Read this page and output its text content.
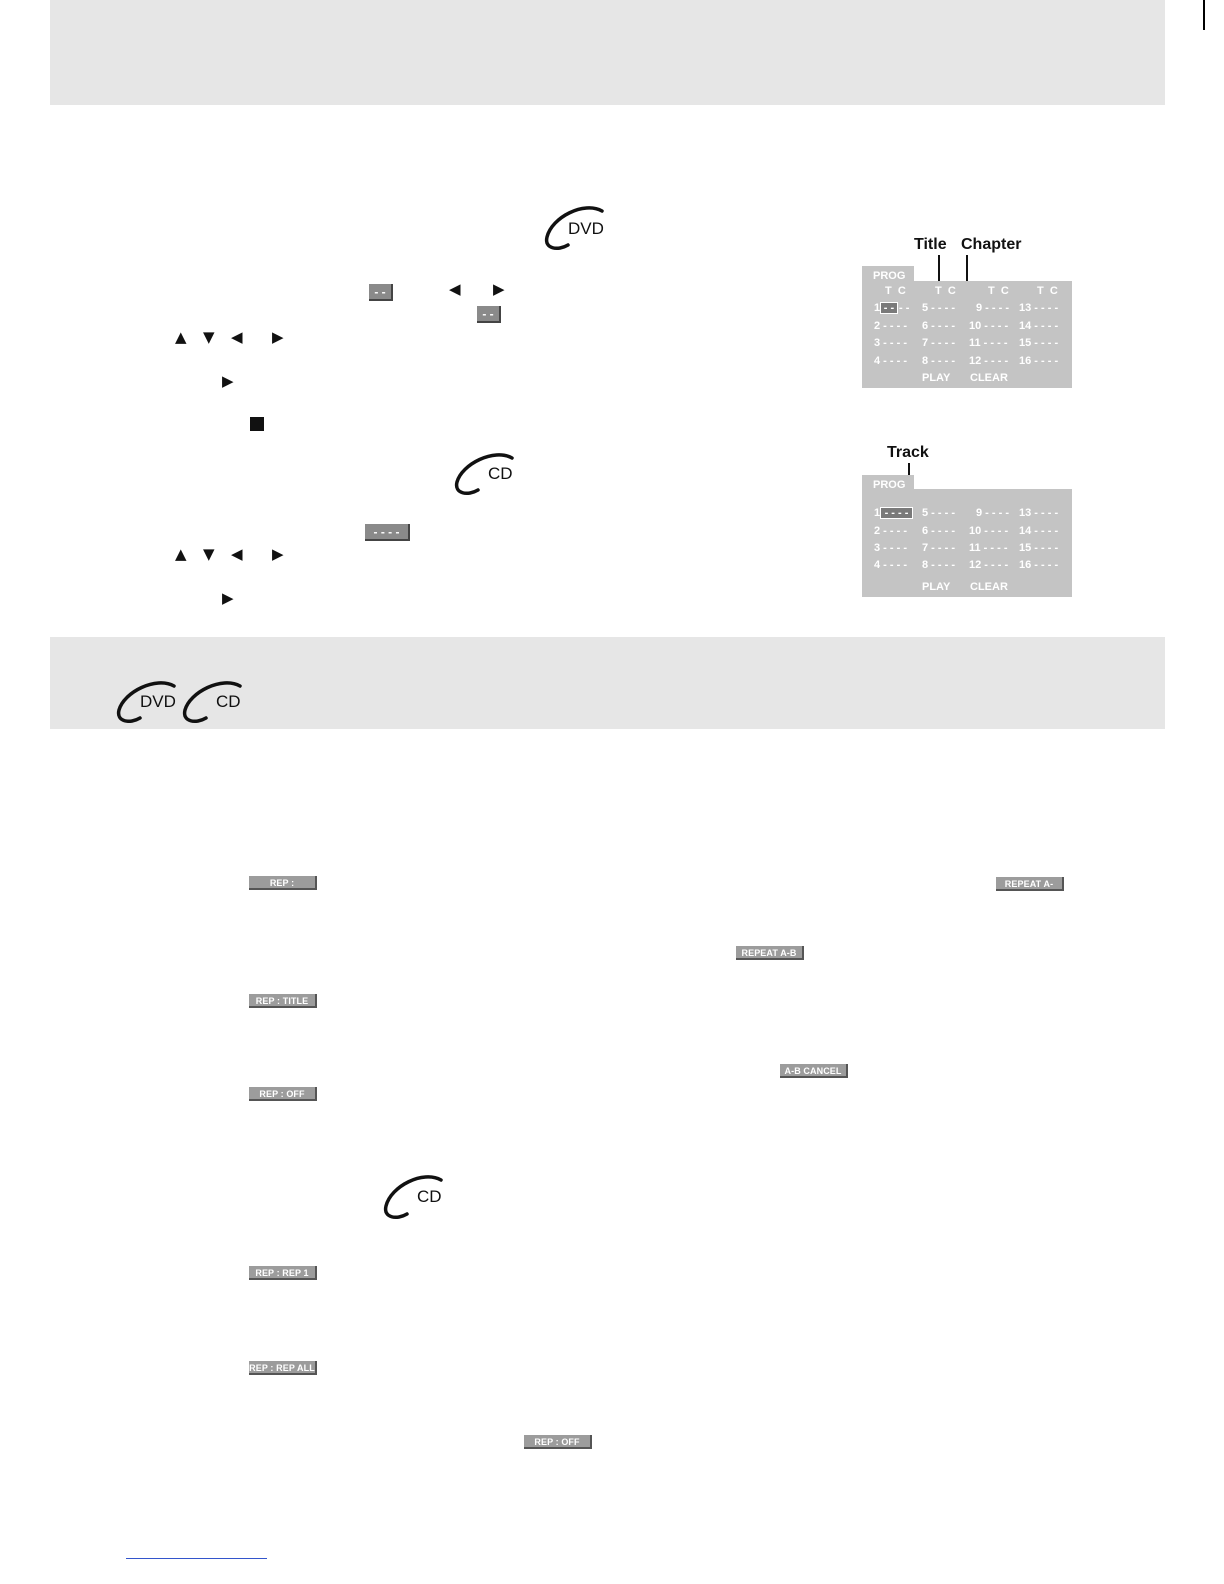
DVD
- -	◀ ▶
- -
▲ ▼ ◀ ▶
▶
CD
- - - -
▲ ▼ ◀ ▶
▶
Title Chapter
PROG
T  C	T  C	T  C	T  C
1 - - - - 5 - - - - 9 - - - - 13 - - - -
2 - - - - 6 - - - - 10 - - - - 14 - - - -
3 - - - - 7 - - - - 11 - - - - 15 - - - -
4 - - - - 8 - - - - 12 - - - - 16 - - - -
PLAY CLEAR
Track
PROG
1 - - - -	5 - - - - 9 - - - - 13 - - - -
2 - - - - 6 - - - - 10 - - - - 14 - - - -
3 - - - - 7 - - - - 11 - - - - 15 - - - -
4 - - - - 8 - - - - 12 - - - - 16 - - - -
PLAY CLEAR
DVD CD
REP : CHAPTER
REPEAT A-
REPEAT A-B
REP : TITLE
A-B CANCEL
REP : OFF
CD
REP : REP 1
REP : REP ALL
REP : OFF
